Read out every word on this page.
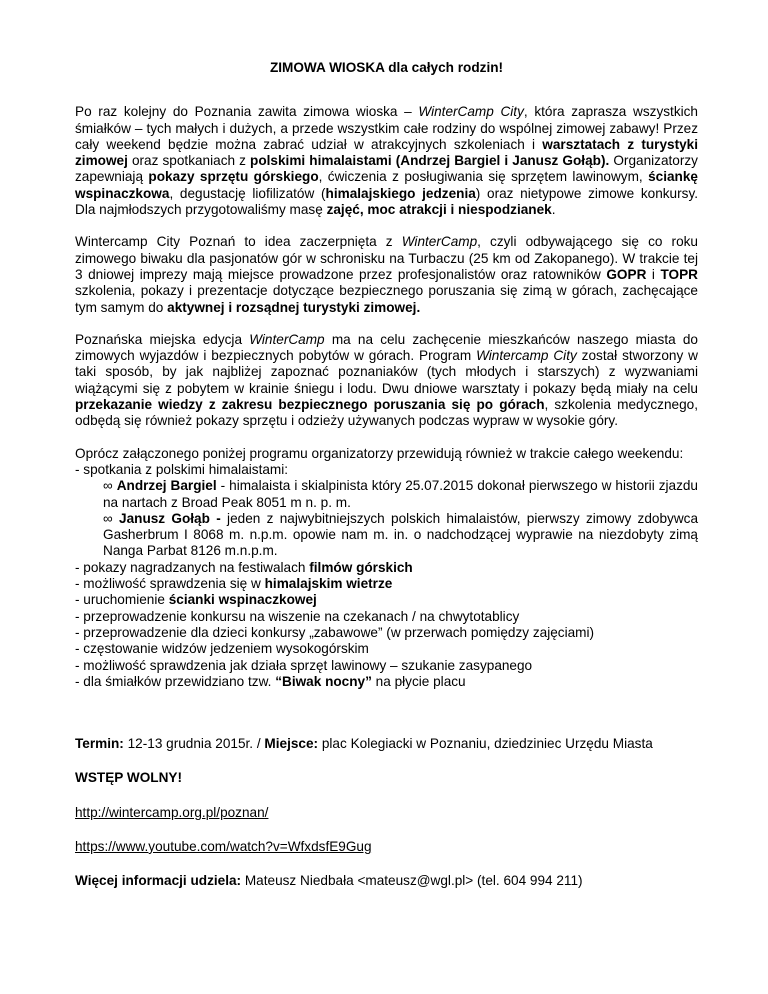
ZIMOWA WIOSKA dla całych rodzin!

Po raz kolejny do Poznania zawita zimowa wioska – WinterCamp City, która zaprasza wszystkich śmiałków – tych małych i dużych, a przede wszystkim całe rodziny do wspólnej zimowej zabawy! Przez cały weekend będzie można zabrać udział w atrakcyjnych szkoleniach i warsztatach z turystyki zimowej oraz spotkaniach z polskimi himalaistami (Andrzej Bargiel i Janusz Gołąb). Organizatorzy zapewniają pokazy sprzętu górskiego, ćwiczenia z posługiwania się sprzętem lawinowym, ściankę wspinaczkowa, degustację liofilizatów (himalajskiego jedzenia) oraz nietypowe zimowe konkursy. Dla najmłodszych przygotowaliśmy masę zajęć, moc atrakcji i niespodzianek.

Wintercamp City Poznań to idea zaczerpnięta z WinterCamp, czyli odbywającego się co roku zimowego biwaku dla pasjonatów gór w schronisku na Turbaczu (25 km od Zakopanego). W trakcie tej 3 dniowej imprezy mają miejsce prowadzone przez profesjonalistów oraz ratowników GOPR i TOPR szkolenia, pokazy i prezentacje dotyczące bezpiecznego poruszania się zimą w górach, zachęcające tym samym do aktywnej i rozsądnej turystyki zimowej.

Poznańska miejska edycja WinterCamp ma na celu zachęcenie mieszkańców naszego miasta do zimowych wyjazdów i bezpiecznych pobytów w górach. Program Wintercamp City został stworzony w taki sposób, by jak najbliżej zapoznać poznaniaków (tych młodych i starszych) z wyzwaniami wiążącymi się z pobytem w krainie śniegu i lodu. Dwu dniowe warsztaty i pokazy będą miały na celu przekazanie wiedzy z zakresu bezpiecznego poruszania się po górach, szkolenia medycznego, odbędą się również pokazy sprzętu i odzieży używanych podczas wypraw w wysokie góry.

Oprócz załączonego poniżej programu organizatorzy przewidują również w trakcie całego weekendu:

- spotkania z polskimi himalaistami:

∞ Andrzej Bargiel - himalaista i skialpinista który 25.07.2015 dokonał pierwszego w historii zjazdu na nartach z Broad Peak 8051 m n. p. m.

∞ Janusz Gołąb - jeden z najwybitniejszych polskich himalaistów, pierwszy zimowy zdobywca Gasherbrum I 8068 m. n.p.m. opowie nam m. in. o nadchodzącej wyprawie na niezdobyty zimą Nanga Parbat 8126 m.n.p.m.

- pokazy nagradzanych na festiwalach filmów górskich

- możliwość sprawdzenia się w himalajskim wietrze

- uruchomienie ścianki wspinaczkowej

- przeprowadzenie konkursu na wiszenie na czekanach / na chwytotablicy

- przeprowadzenie dla dzieci konkursy „zabawowe” (w przerwach pomiędzy zajęciami)

- częstowanie widzów jedzeniem wysokogórskim

- możliwość sprawdzenia jak działa sprzęt lawinowy – szukanie zasypanego

- dla śmiałków przewidziano tzw. “Biwak nocny” na płycie placu

Termin: 12-13 grudnia 2015r. / Miejsce: plac Kolegiacki w Poznaniu, dziedziniec Urzędu Miasta

WSTĘP WOLNY!

http://wintercamp.org.pl/poznan/

https://www.youtube.com/watch?v=WfxdsfE9Gug

Więcej informacji udziela: Mateusz Niedbała <mateusz@wgl.pl> (tel. 604 994 211)
